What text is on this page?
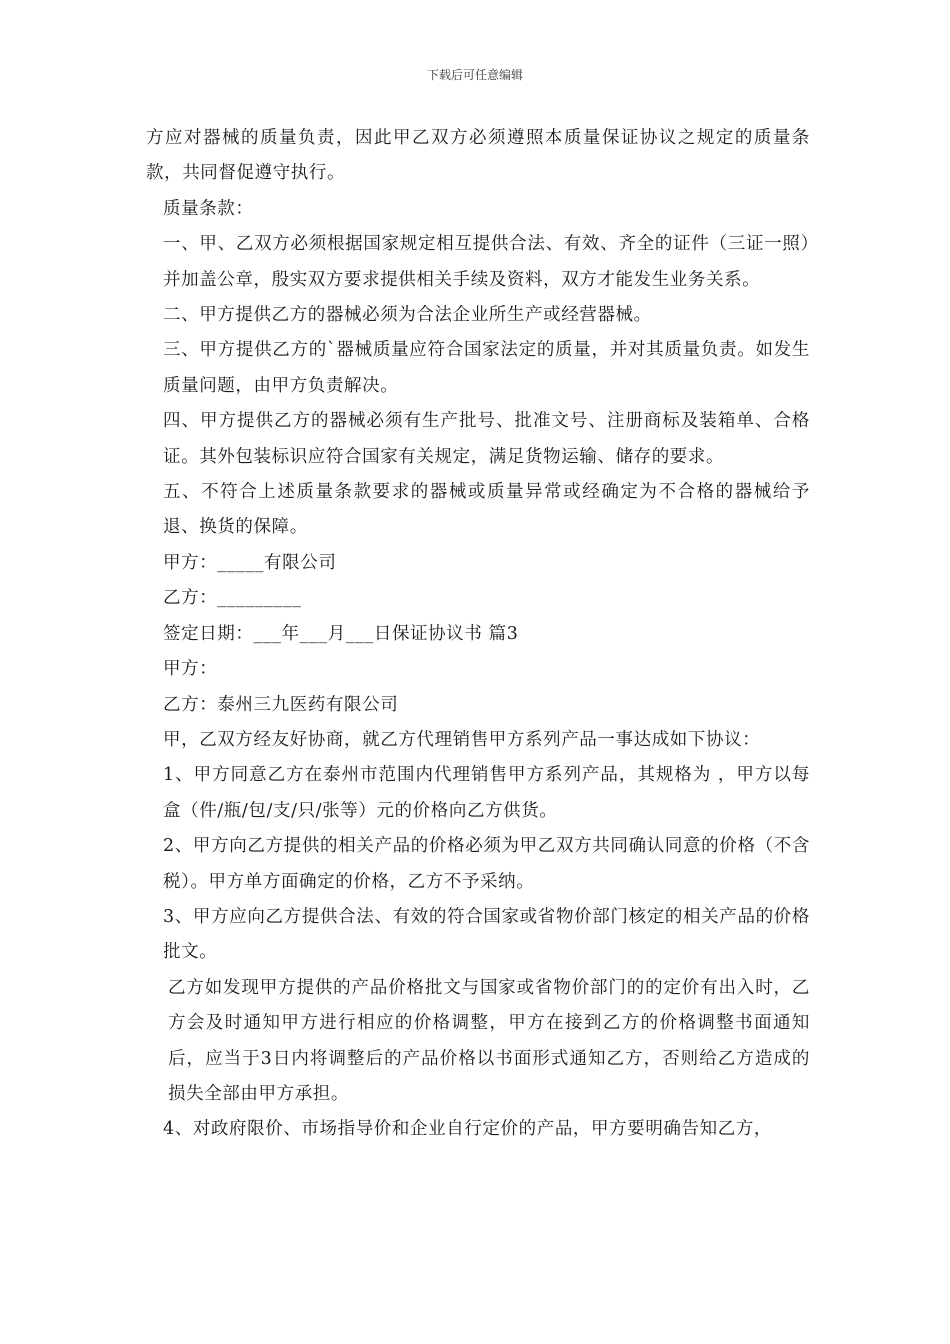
下载后可任意编辑

方应对器械的质量负责，因此甲乙双方必须遵照本质量保证协议之规定的质量条款，共同督促遵守执行。

质量条款：

一、甲、乙双方必须根据国家规定相互提供合法、有效、齐全的证件（三证一照）并加盖公章，殷实双方要求提供相关手续及资料，双方才能发生业务关系。

二、甲方提供乙方的器械必须为合法企业所生产或经营器械。

三、甲方提供乙方的`器械质量应符合国家法定的质量，并对其质量负责。如发生质量问题，由甲方负责解决。

四、甲方提供乙方的器械必须有生产批号、批准文号、注册商标及装箱单、合格证。其外包装标识应符合国家有关规定，满足货物运输、储存的要求。

五、不符合上述质量条款要求的器械或质量异常或经确定为不合格的器械给予退、换货的保障。

甲方：_____有限公司

乙方：_________

签定日期：___年___月___日保证协议书 篇3

甲方：

乙方：泰州三九医药有限公司

甲，乙双方经友好协商，就乙方代理销售甲方系列产品一事达成如下协议：

1、甲方同意乙方在泰州市范围内代理销售甲方系列产品，其规格为 ，甲方以每盒（件/瓶/包/支/只/张等）元的价格向乙方供货。

2、甲方向乙方提供的相关产品的价格必须为甲乙双方共同确认同意的价格（不含税）。甲方单方面确定的价格，乙方不予采纳。

3、甲方应向乙方提供合法、有效的符合国家或省物价部门核定的相关产品的价格批文。

乙方如发现甲方提供的产品价格批文与国家或省物价部门的的定价有出入时，乙方会及时通知甲方进行相应的价格调整，甲方在接到乙方的价格调整书面通知后，应当于3日内将调整后的产品价格以书面形式通知乙方，否则给乙方造成的损失全部由甲方承担。

4、对政府限价、市场指导价和企业自行定价的产品，甲方要明确告知乙方，
